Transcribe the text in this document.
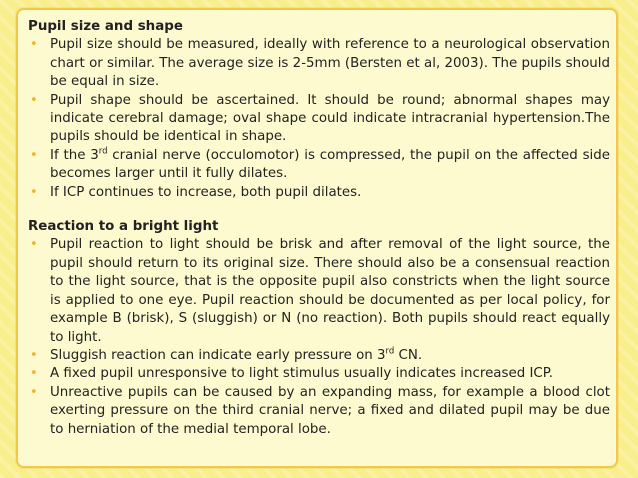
Pupil size and shape

• Pupil size should be measured, ideally with reference to a neurological observation chart or similar. The average size is 2-5mm (Bersten et al, 2003). The pupils should be equal in size.
• Pupil shape should be ascertained. It should be round; abnormal shapes may indicate cerebral damage; oval shape could indicate intracranial hypertension.The pupils should be identical in shape.
• If the 3rd cranial nerve (occulomotor) is compressed, the pupil on the affected side becomes larger until it fully dilates.
• If ICP continues to increase, both pupil dilates.

Reaction to a bright light

• Pupil reaction to light should be brisk and after removal of the light source, the pupil should return to its original size. There should also be a consensual reaction to the light source, that is the opposite pupil also constricts when the light source is applied to one eye. Pupil reaction should be documented as per local policy, for example B (brisk), S (sluggish) or N (no reaction). Both pupils should react equally to light.
• Sluggish reaction can indicate early pressure on 3rd CN.
• A fixed pupil unresponsive to light stimulus usually indicates increased ICP.
• Unreactive pupils can be caused by an expanding mass, for example a blood clot exerting pressure on the third cranial nerve; a fixed and dilated pupil may be due to herniation of the medial temporal lobe.
